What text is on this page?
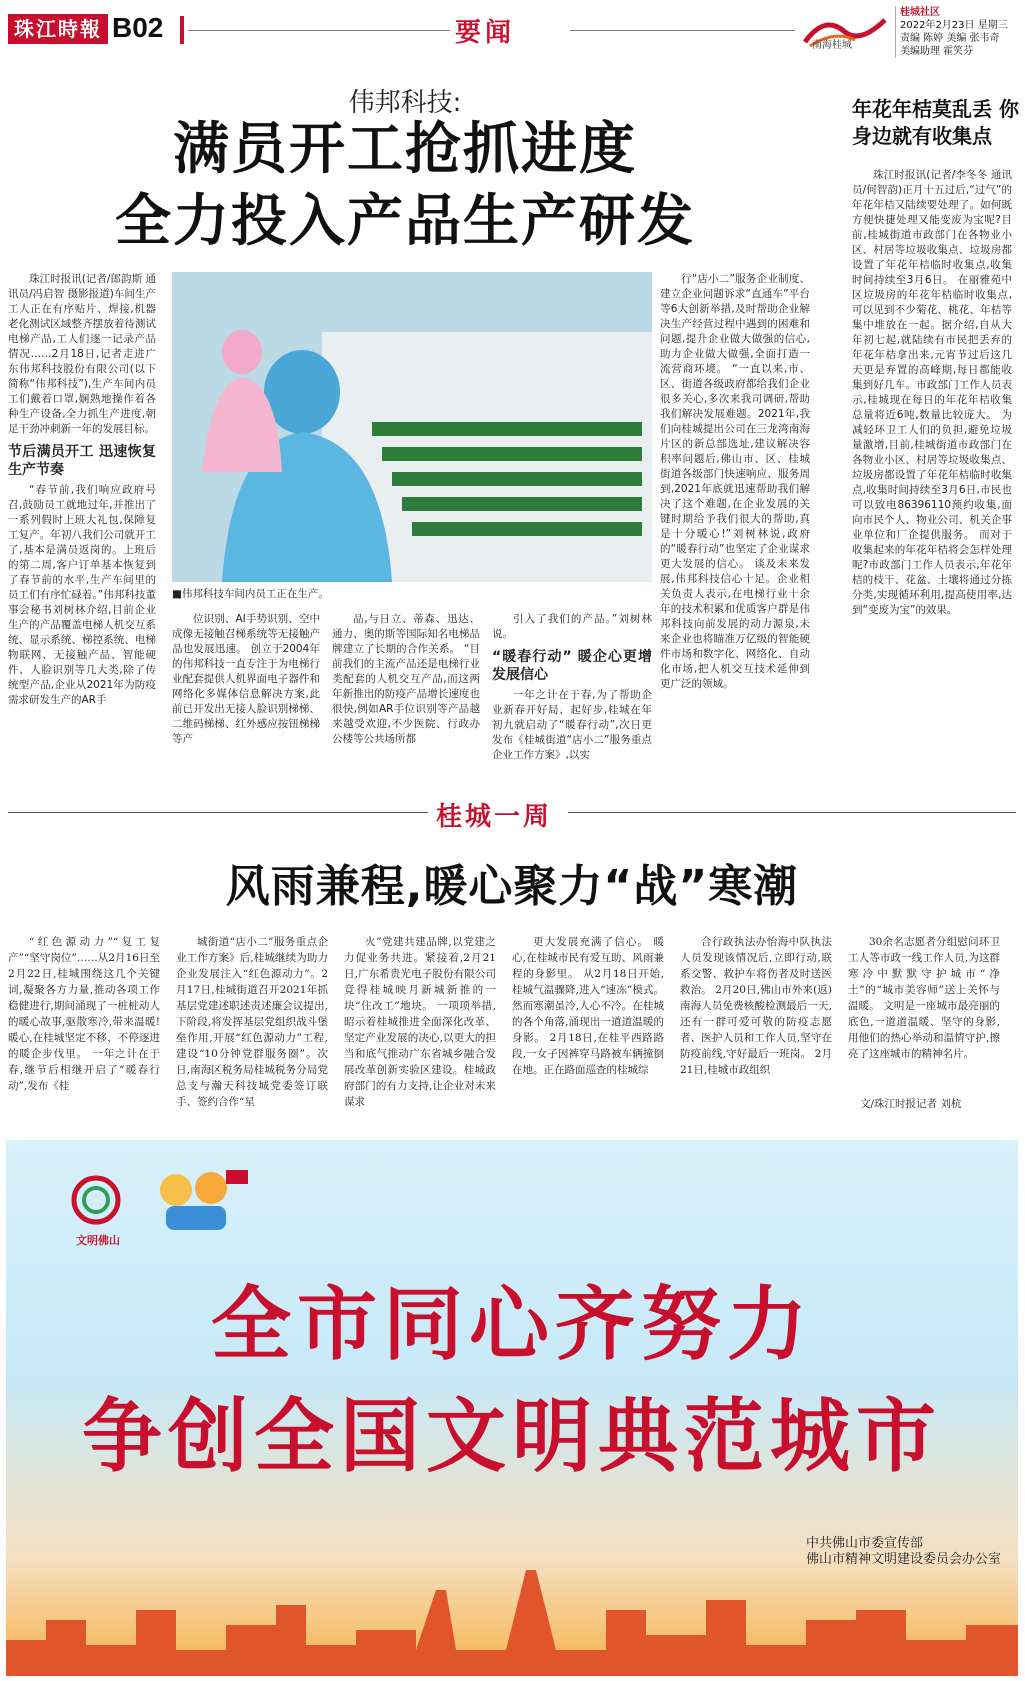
珠江時報 B02	要闻	南海桂城
桂城社区
2022年2月23日 星期三
责编 陈婷 美编 张韦奇
美编助理 霍笑芬
伟邦科技:
满员开工抢抓进度
全力投入产品生产研发

珠江时报讯(记者/郎韵斯 通讯员/冯启智 摄影报道)车间生产工人正在有序贴片、焊接,机器老化测试区域整齐摆放着待测试电梯产品,工人们逐一记录产品情况……2月18日,记者走进广东伟邦科技股份有限公司(以下简称“伟邦科技”),生产车间内员工们戴着口罩,娴熟地操作着各种生产设备,全力抓生产进度,朝足干劲冲刺新一年的发展目标。

节后满员开工 迅速恢复生产节奏

“春节前,我们响应政府号召,鼓励员工就地过年,并推出了一系列假时上班大礼包,保障复工复产。年初八我们公司就开工了,基本是满员返岗的。上班后的第二周,客户订单基本恢复到了春节前的水平,生产车间里的员工们有序忙碌着。”伟邦科技董事会秘书刘树林介绍,目前企业生产的产品覆盖电梯人机交互系统、显示系统、梯控系统、电梯物联网、无接触产品、智能硬件、人脸识别等几大类,除了传统型产品,企业从2021年为防疫需求研发生产的AR手

■伟邦科技车间内员工正在生产。

位识别、AI手势识别、空中成像无接触召梯系统等无接触产品也发展迅速。 创立于2004年的伟邦科技一直专注于为电梯行业配套提供人机界面电子器件和网络化多媒体信息解决方案,此前已开发出无接人脸识别梯梯、二维码梯梯、红外感应按钮梯梯等产

品,与日立、蒂森、迅达、通力、奥的斯等国际知名电梯品牌建立了长期的合作关系。 “目前我们的主流产品还是电梯行业类配套的人机交互产品,而这两年新推出的防疫产品增长速度也很快,例如AR手位识别等产品越来越受欢迎,不少医院、行政办公楼等公共场所都

引入了我们的产品。”刘树林说。

“暖春行动” 暖企心更增发展信心

一年之计在于春,为了帮助企业新春开好局、起好步,桂城在年初九就启动了“暖春行动”,次日更发布《桂城街道“店小二”服务重点企业工作方案》,以实

行“店小二”服务企业制度、建立企业问题诉求“直通车”平台等6大创新举措,及时帮助企业解决生产经营过程中遇到的困难和问题,提升企业做大做强的信心,助力企业做大做强,全面打造一流营商环境。 “一直以来,市、区、街道各级政府都给我们企业很多关心,多次来我司调研,帮助我们解决发展难题。2021年,我们向桂城提出公司在三龙湾南海片区的新总部选址,建议解决容积率问题后,佛山市、区、桂城街道各级部门快速响应、服务周到,2021年底就迅速帮助我们解决了这个难题,在企业发展的关键时期给予我们很大的帮助,真是十分暖心!”刘树林说,政府的“暖春行动”也坚定了企业谋求更大发展的信心。 谈及未来发展,伟邦科技信心十足。企业相关负责人表示,在电梯行业十余年的技术积累和优质客户群是伟邦科技向前发展的动力源泉,未来企业也将瞄准万亿级的智能硬件市场和数字化、网络化、自动化市场,把人机交互技术延伸到更广泛的领域。

年花年桔莫乱丢 你身边就有收集点

珠江时报讯(记者/李冬冬 通讯员/何智韵)正月十五过后,“过气”的年花年桔又陆续要处理了。如何既方便快捷处理又能变废为宝呢?目前,桂城街道市政部门在各物业小区、村居等垃圾收集点、垃圾房都设置了年花年桔临时收集点,收集时间持续至3月6日。 在丽雅苑中区垃圾房的年花年桔临时收集点,可以见到不少菊花、桃花、年桔等集中堆放在一起。据介绍,自从大年初七起,就陆续有市民把丢弃的年花年桔拿出来,元宵节过后这几天更是弃置的高峰期,每日都能收集到好几车。市政部门工作人员表示,桂城现在每日的年花年桔收集总量将近6吨,数量比较庞大。 为减轻环卫工人们的负担,避免垃圾量激增,目前,桂城街道市政部门在各物业小区、村居等垃圾收集点、垃圾房都设置了年花年桔临时收集点,收集时间持续至3月6日,市民也可以致电86396110预约收集,面向市民个人、物业公司、机关企事业单位和厂企提供服务。 而对于收集起来的年花年桔将会怎样处理呢?市政部门工作人员表示,年花年桔的枝干、花盆、土壤将通过分拣分类,实现循环利用,提高使用率,达到“变废为宝”的效果。

桂城一周
风雨兼程,暖心聚力“战”寒潮

“红色源动力”“复工复产”“坚守岗位”……从2月16日至2月22日,桂城围绕这几个关键词,凝聚各方力量,推动各项工作稳健进行,期间涌现了一桩桩动人的暖心故事,驱散寒冷,带来温暖! 暖心,在桂城坚定不移、不停逐进的暖企步伐里。 一年之计在于春,继节后相继开启了“暖春行动”,发布《桂

城街道“店小二”服务重点企业工作方案》后,桂城继续为助力企业发展注入“红色源动力”。2月17日,桂城街道召开2021年抓基层党建述职述责述廉会议提出,下阶段,将发挥基层党组织战斗堡垒作用,开展“红色源动力”工程,建设“10分钟党群服务圈”。次日,南海区税务局桂城税务分局党总支与瀚天科技城党委签订联手、签约合作“星

火”党建共建品牌,以党建之力促业务共进。紧接着,2月21日,广东希贵光电子股份有限公司竞得桂城映月新城新推的一块“住改工”地块。 一项项举措,昭示着桂城推进全面深化改革、坚定产业发展的决心,以更大的担当和底气推动广东省城乡融合发展改革创新实验区建设。桂城政府部门的有力支持,让企业对未来谋求

更大发展充满了信心。 暖心,在桂城市民有爱互助、风雨兼程的身影里。 从2月18日开始,桂城气温骤降,进入“速冻”模式。然而寒潮虽冷,人心不冷。在桂城的各个角落,涌现出一道道温暖的身影。 2月18日,在桂平西路路段,一女子因裤穿马路被车辆撞倒在地。正在路面巡查的桂城综

合行政执法办怡海中队执法人员发现该情况后,立即行动,联系交警、救护车将伤者及时送医救治。 2月20日,佛山市外来(返)南海人员免费核酸检测最后一天,还有一群可爱可敬的防疫志愿者、医护人员和工作人员,坚守在防疫前线,守好最后一班岗。 2月21日,桂城市政组织

30余名志愿者分组慰问环卫工人等市政一线工作人员,为这群寒冷中默默守护城市“净土”的“城市美容师”送上关怀与温暖。 文明是一座城市最亮丽的底色,一道道温暖、坚守的身影,用他们的热心举动和温情守护,擦亮了这座城市的精神名片。

文/珠江时报记者 刘杭
文明佛山
全市同心齐努力
争创全国文明典范城市
中共佛山市委宣传部
佛山市精神文明建设委员会办公室
